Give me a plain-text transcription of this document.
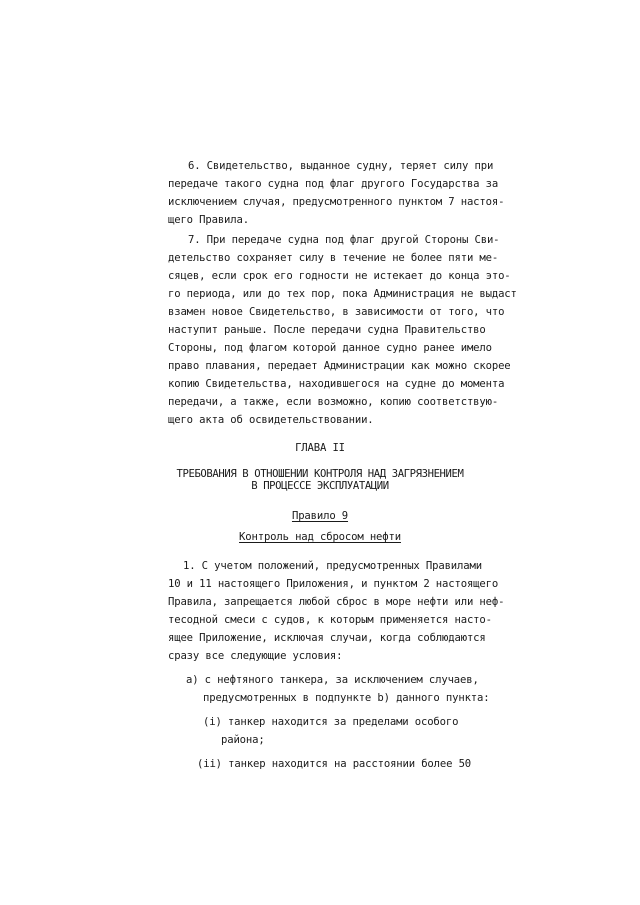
6. Свидетельство, выданное судну, теряет силу при
передаче такого судна под флаг другого Государства за
исключением случая, предусмотренного пунктом 7 настоя-
щего Правила.
7. При передаче судна под флаг другой Стороны Сви-
детельство сохраняет силу в течение не более пяти ме-
сяцев, если срок его годности не истекает до конца это-
го периода, или до тех пор, пока Администрация не выдаст
взамен новое Свидетельство, в зависимости от того, что
наступит раньше. После передачи судна Правительство
Стороны, под флагом которой данное судно ранее имело
право плавания, передает Администрации как можно скорее
копию Свидетельства, находившегося на судне до момента
передачи, а также, если возможно, копию соответствую-
щего акта об освидетельствовании.
ГЛАВА II
ТРЕБОВАНИЯ В ОТНОШЕНИИ КОНТРОЛЯ НАД ЗАГРЯЗНЕНИЕМ
В ПРОЦЕССЕ ЭКСПЛУАТАЦИИ
Правило 9
Контроль над сбросом нефти
1. С учетом положений, предусмотренных Правилами
10 и 11 настоящего Приложения, и пунктом 2 настоящего
Правила, запрещается любой сброс в море нефти или неф-
тесодной смеси с судов, к которым применяется насто-
ящее Приложение, исключая случаи, когда соблюдаются
сразу все следующие условия:
а) с нефтяного танкера, за исключением случаев,
предусмотренных в подпункте b) данного пункта:
(i) танкер находится за пределами особого
района;
(ii) танкер находится на расстоянии более 50
